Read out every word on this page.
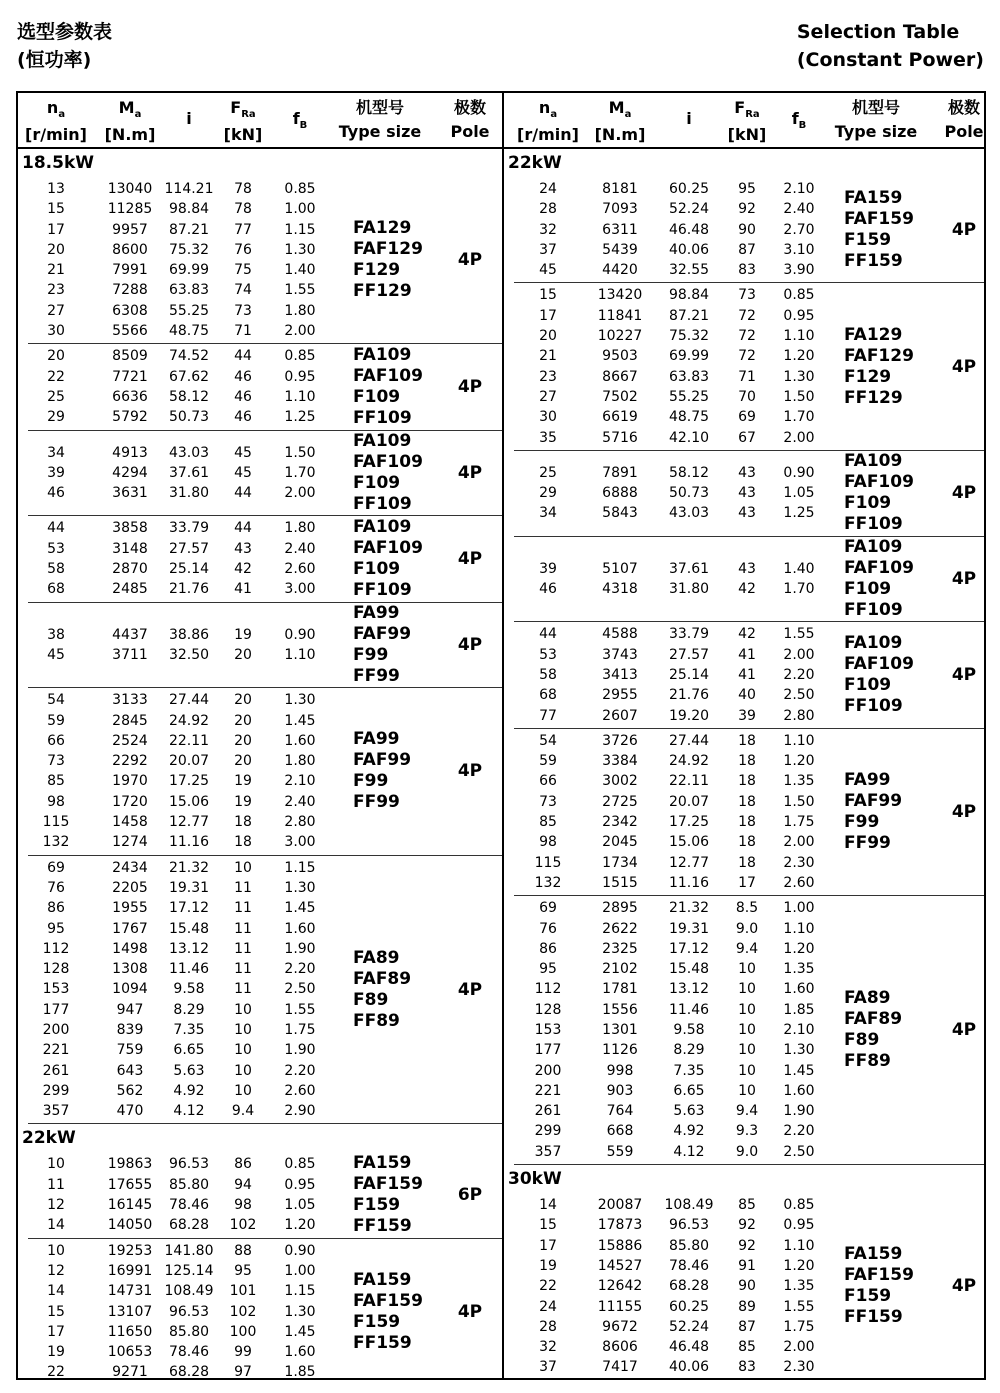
选型参数表
(恒功率)
Selection Table
(Constant Power)
$n_a$
[r/min]
$M_a$
[N.m]
i
$F_{Ra}$
[kN]
$f_B$
机型号
Type size
极数
Pole
18.5kW
13	13040 114.21	78	0.85
15	11285	98.84	78	1.00
17	9957	87.21	77	1.15
20	8600	75.32	76	1.30
21	7991	69.99	75	1.40
23	7288	63.83	74	1.55
27	6308	55.25	73	1.80
30	5566	48.75	71	2.00
FA129
FAF129
F129
FF129
4P
20	8509	74.52	44	0.85
22	7721	67.62	46	0.95
25	6636	58.12	46	1.10
29	5792	50.73	46	1.25
FA109
FAF109
F109
FF109
4P
34	4913	43.03	45	1.50
39	4294	37.61	45	1.70
46	3631	31.80	44	2.00
FA109
FAF109
F109
FF109
4P
44	3858	33.79	44	1.80
53	3148	27.57	43	2.40
58	2870	25.14	42	2.60
68	2485	21.76	41	3.00
FA109
FAF109
F109
FF109
4P
38	4437	38.86	19	0.90
45	3711	32.50	20	1.10
FA99
FAF99
F99
FF99
4P
54	3133	27.44	20	1.30
59	2845	24.92	20	1.45
66	2524	22.11	20	1.60
73	2292	20.07	20	1.80
85	1970	17.25	19	2.10
98	1720	15.06	19	2.40
115	1458	12.77	18	2.80
132	1274	11.16	18	3.00
FA99
FAF99
F99
FF99
4P
69	2434	21.32	10	1.15
76	2205	19.31	11	1.30
86	1955	17.12	11	1.45
95	1767	15.48	11	1.60
112	1498	13.12	11	1.90
128	1308	11.46	11	2.20
153	1094	9.58	11	2.50
177	947	8.29	10	1.55
200	839	7.35	10	1.75
221	759	6.65	10	1.90
261	643	5.63	10	2.20
299	562	4.92	10	2.60
357	470	4.12	9.4	2.90
FA89
FAF89
F89
FF89
4P
22kW
10	19863	96.53	86	0.85
11	17655	85.80	94	0.95
12	16145	78.46	98	1.05
14	14050	68.28	102	1.20
FA159
FAF159
F159
FF159
6P
10	19253 141.80	88	0.90
12	16991 125.14	95	1.00
14	14731 108.49	101	1.15
15	13107	96.53	102	1.30
17	11650	85.80	100	1.45
19	10653	78.46	99	1.60
22	9271	68.28	97	1.85
FA159
FAF159
F159
FF159
4P
$n_a$
[r/min]
$M_a$
[N.m]
i
$F_{Ra}$
[kN]
$f_B$
机型号
Type size
极数
Pole
22kW
24	8181	60.25	95	2.10
28	7093	52.24	92	2.40
32	6311	46.48	90	2.70
37	5439	40.06	87	3.10
45	4420	32.55	83	3.90
FA159
FAF159
F159
FF159
4P
15	13420	98.84	73	0.85
17	11841	87.21	72	0.95
20	10227	75.32	72	1.10
21	9503	69.99	72	1.20
23	8667	63.83	71	1.30
27	7502	55.25	70	1.50
30	6619	48.75	69	1.70
35	5716	42.10	67	2.00
FA129
FAF129
F129
FF129
4P
25	7891	58.12	43	0.90
29	6888	50.73	43	1.05
34	5843	43.03	43	1.25
FA109
FAF109
F109
FF109
4P
39	5107	37.61	43	1.40
46	4318	31.80	42	1.70
FA109
FAF109
F109
FF109
4P
44	4588	33.79	42	1.55
53	3743	27.57	41	2.00
58	3413	25.14	41	2.20
68	2955	21.76	40	2.50
77	2607	19.20	39	2.80
FA109
FAF109
F109
FF109
4P
54	3726	27.44	18	1.10
59	3384	24.92	18	1.20
66	3002	22.11	18	1.35
73	2725	20.07	18	1.50
85	2342	17.25	18	1.75
98	2045	15.06	18	2.00
115	1734	12.77	18	2.30
132	1515	11.16	17	2.60
FA99
FAF99
F99
FF99
4P
69	2895	21.32	8.5	1.00
76	2622	19.31	9.0	1.10
86	2325	17.12	9.4	1.20
95	2102	15.48	10	1.35
112	1781	13.12	10	1.60
128	1556	11.46	10	1.85
153	1301	9.58	10	2.10
177	1126	8.29	10	1.30
200	998	7.35	10	1.45
221	903	6.65	10	1.60
261	764	5.63	9.4	1.90
299	668	4.92	9.3	2.20
357	559	4.12	9.0	2.50
FA89
FAF89
F89
FF89
4P
30kW
14	20087	108.49	85	0.85
15	17873	96.53	92	0.95
17	15886	85.80	92	1.10
19	14527	78.46	91	1.20
22	12642	68.28	90	1.35
24	11155	60.25	89	1.55
28	9672	52.24	87	1.75
32	8606	46.48	85	2.00
37	7417	40.06	83	2.30
FA159
FAF159
F159
FF159
4P
